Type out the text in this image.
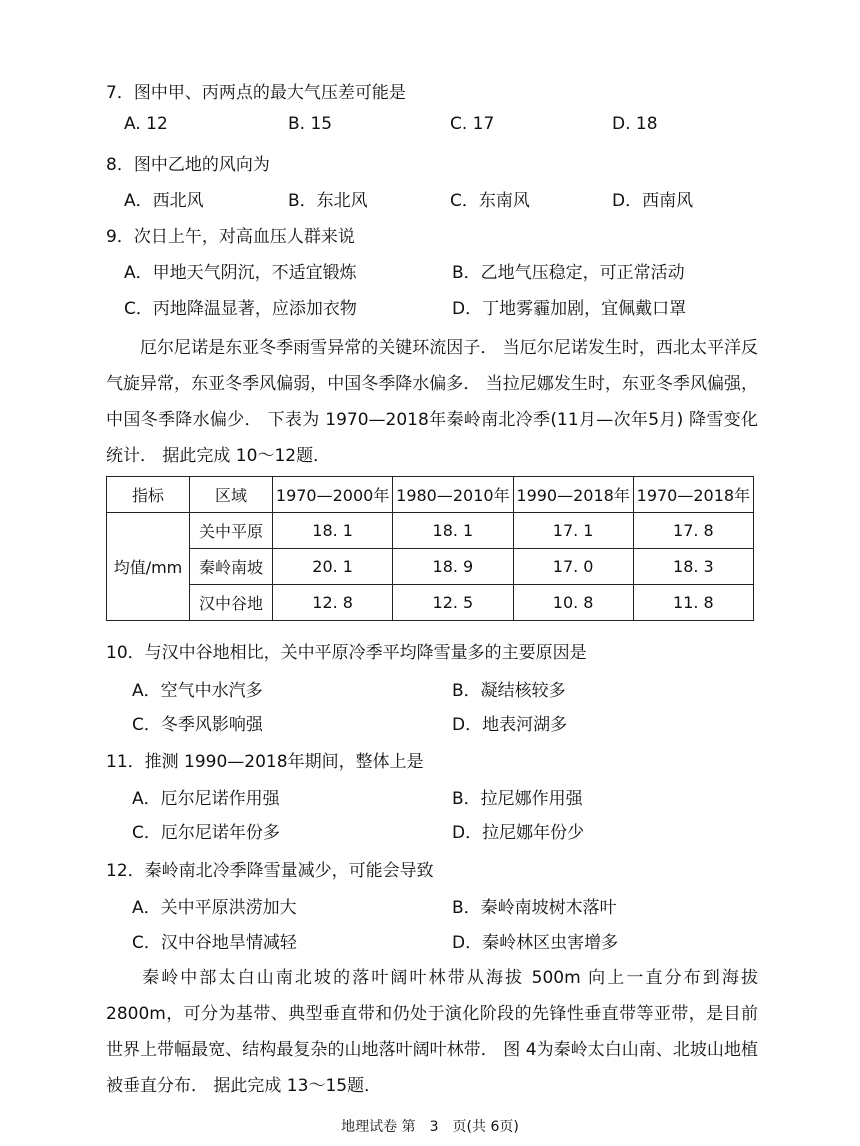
7．图中甲、丙两点的最大气压差可能是
A. 12	B. 15	C. 17	D. 18
8．图中乙地的风向为
A．西北风	B．东北风	C．东南风	D．西南风
9．次日上午，对高血压人群来说
A．甲地天气阴沉，不适宜锻炼	B．乙地气压稳定，可正常活动
C．丙地降温显著，应添加衣物	D．丁地雾霾加剧，宜佩戴口罩
厄尔尼诺是东亚冬季雨雪异常的关键环流因子． 当厄尔尼诺发生时，西北太平洋反气旋异常，东亚冬季风偏弱，中国冬季降水偏多． 当拉尼娜发生时，东亚冬季风偏强，中国冬季降水偏少． 下表为 1970—2018年秦岭南北冷季(11月—次年5月) 降雪变化统计． 据此完成 10～12题．
指标	区域	1970—2000年	1980—2010年	1990—2018年	1970—2018年
均值/mm	关中平原	18. 1	18. 1	17. 1	17. 8
	秦岭南坡	20. 1	18. 9	17. 0	18. 3
	汉中谷地	12. 8	12. 5	10. 8	11. 8
10．与汉中谷地相比，关中平原冷季平均降雪量多的主要原因是
A．空气中水汽多	B．凝结核较多
C．冬季风影响强	D．地表河湖多
11．推测 1990—2018年期间，整体上是
A．厄尔尼诺作用强	B．拉尼娜作用强
C．厄尔尼诺年份多	D．拉尼娜年份少
12．秦岭南北冷季降雪量减少，可能会导致
A．关中平原洪涝加大	B．秦岭南坡树木落叶
C．汉中谷地旱情减轻	D．秦岭林区虫害增多
秦岭中部太白山南北坡的落叶阔叶林带从海拔 500m 向上一直分布到海拔2800m，可分为基带、典型垂直带和仍处于演化阶段的先锋性垂直带等亚带，是目前世界上带幅最宽、结构最复杂的山地落叶阔叶林带． 图 4为秦岭太白山南、北坡山地植被垂直分布． 据此完成 13～15题．
地理试卷 第　3　页(共 6页)
